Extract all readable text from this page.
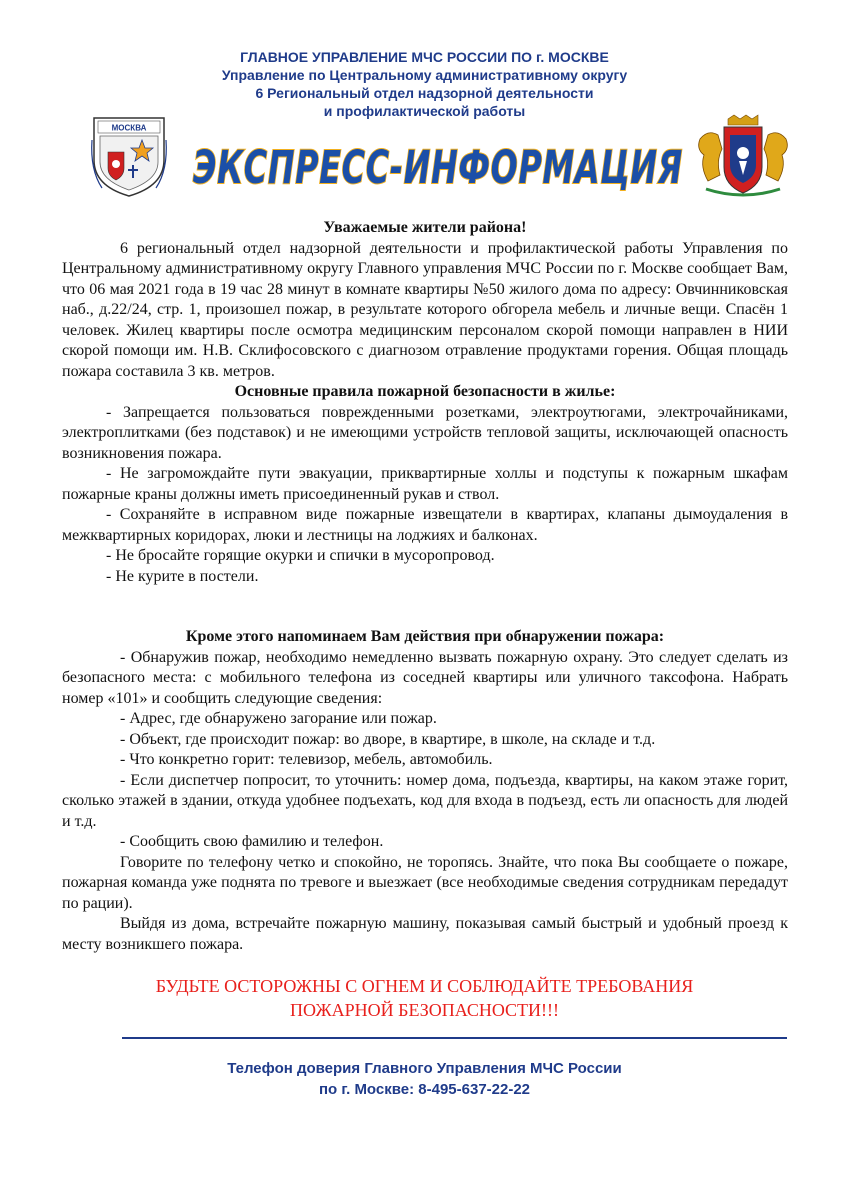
ГЛАВНОЕ УПРАВЛЕНИЕ МЧС РОССИИ ПО г. МОСКВЕ
Управление по Центральному административному округу
6 Региональный отдел надзорной деятельности
и профилактической работы
МОСКВА
ЭКСПРЕСС-ИНФОРМАЦИЯ

Уважаемые жители района!

6 региональный отдел надзорной деятельности и профилактической работы Управления по Центральному административному округу Главного управления МЧС России по г. Москве сообщает Вам, что 06 мая 2021 года в 19 час 28 минут в комнате квартиры №50 жилого дома по адресу: Овчинниковская наб., д.22/24, стр. 1, произошел пожар, в результате которого обгорела мебель и личные вещи. Спасён 1 человек. Жилец квартиры после осмотра медицинским персоналом скорой помощи направлен в НИИ скорой помощи им. Н.В. Склифосовского с диагнозом отравление продуктами горения. Общая площадь пожара составила 3 кв. метров.

Основные правила пожарной безопасности в жилье:

- Запрещается пользоваться поврежденными розетками, электроутюгами, электрочайниками, электроплитками (без подставок) и не имеющими устройств тепловой защиты, исключающей опасность возникновения пожара.

- Не загромождайте пути эвакуации, приквартирные холлы и подступы к пожарным шкафам пожарные краны должны иметь присоединенный рукав и ствол.

- Сохраняйте в исправном виде пожарные извещатели в квартирах, клапаны дымоудаления в межквартирных коридорах, люки и лестницы на лоджиях и балконах.

- Не бросайте горящие окурки и спички в мусоропровод.

- Не курите в постели.

Кроме этого напоминаем Вам действия при обнаружении пожара:

- Обнаружив пожар, необходимо немедленно вызвать пожарную охрану. Это следует сделать из безопасного места: с мобильного телефона из соседней квартиры или уличного таксофона. Набрать номер «101» и сообщить следующие сведения:

- Адрес, где обнаружено загорание или пожар.

- Объект, где происходит пожар: во дворе, в квартире, в школе, на складе и т.д.

- Что конкретно горит: телевизор, мебель, автомобиль.

- Если диспетчер попросит, то уточнить: номер дома, подъезда, квартиры, на каком этаже горит, сколько этажей в здании, откуда удобнее подъехать, код для входа в подъезд, есть ли опасность для людей и т.д.

- Сообщить свою фамилию и телефон.

Говорите по телефону четко и спокойно, не торопясь. Знайте, что пока Вы сообщаете о пожаре, пожарная команда уже поднята по тревоге и выезжает (все необходимые сведения сотрудникам передадут по рации).

Выйдя из дома, встречайте пожарную машину, показывая самый быстрый и удобный проезд к месту возникшего пожара.

БУДЬТЕ ОСТОРОЖНЫ С ОГНЕМ И СОБЛЮДАЙТЕ ТРЕБОВАНИЯ
ПОЖАРНОЙ БЕЗОПАСНОСТИ!!!
Телефон доверия Главного Управления МЧС России
по г. Москве: 8-495-637-22-22
